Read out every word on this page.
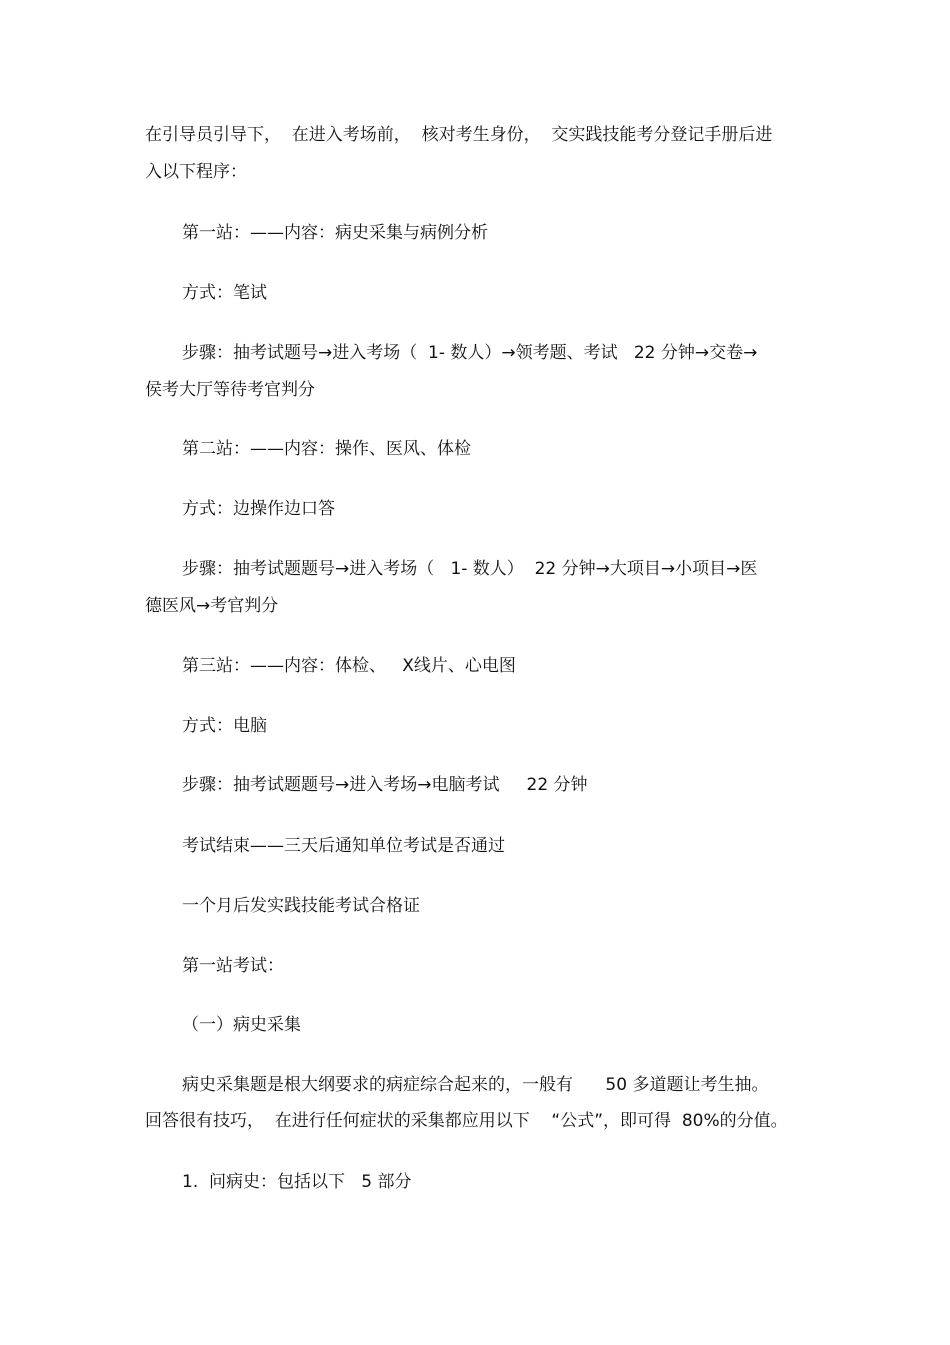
在引导员引导下，  在进入考场前，  核对考生身份，  交实践技能考分登记手册后进

入以下程序：

第一站：——内容：病史采集与病例分析

方式：笔试

步骤：抽考试题号→进入考场（  1- 数人）→领考题、考试   22 分钟→交卷→

侯考大厅等待考官判分

第二站：——内容：操作、医风、体检

方式：边操作边口答

步骤：抽考试题题号→进入考场（   1- 数人）  22 分钟→大项目→小项目→医

德医风→考官判分

第三站：——内容：体检、   X线片、心电图

方式：电脑

步骤：抽考试题题号→进入考场→电脑考试     22 分钟

考试结束——三天后通知单位考试是否通过

一个月后发实践技能考试合格证

第一站考试：

（一）病史采集

病史采集题是根大纲要求的病症综合起来的，一般有      50 多道题让考生抽。

回答很有技巧，  在进行任何症状的采集都应用以下    “公式”，即可得  80%的分值。

1.  问病史：包括以下   5 部分
